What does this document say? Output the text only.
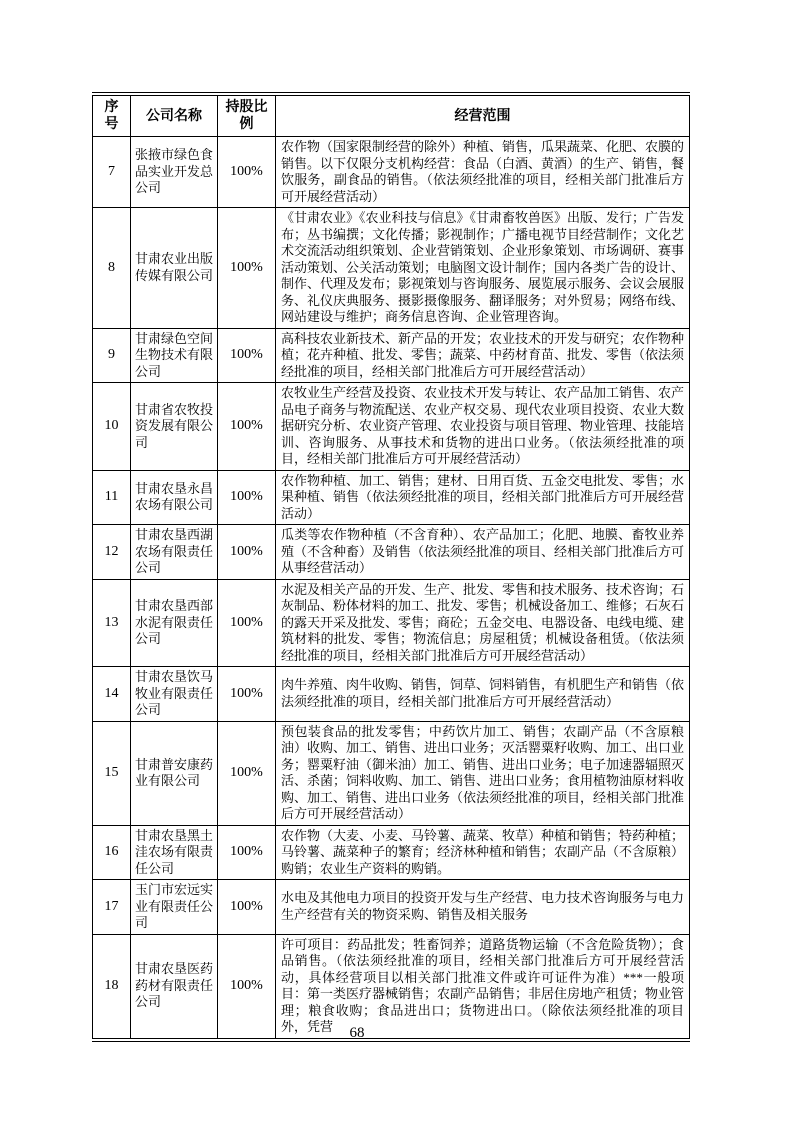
序号	公司名称	持股比例	经营范围
7	张掖市绿色食品实业开发总公司	100%	农作物（国家限制经营的除外）种植、销售，瓜果蔬菜、化肥、农膜的销售。以下仅限分支机构经营：食品（白酒、黄酒）的生产、销售，餐饮服务，副食品的销售。（依法须经批准的项目，经相关部门批准后方可开展经营活动）
8	甘肃农业出版传媒有限公司	100%	《甘肃农业》《农业科技与信息》《甘肃畜牧兽医》出版、发行；广告发布；丛书编撰；文化传播；影视制作；广播电视节目经营制作；文化艺术交流活动组织策划、企业营销策划、企业形象策划、市场调研、赛事活动策划、公关活动策划；电脑图文设计制作；国内各类广告的设计、制作、代理及发布；影视策划与咨询服务、展览展示服务、会议会展服务、礼仪庆典服务、摄影摄像服务、翻译服务；对外贸易；网络布线、网站建设与维护；商务信息咨询、企业管理咨询。
9	甘肃绿色空间生物技术有限公司	100%	高科技农业新技术、新产品的开发；农业技术的开发与研究；农作物种植；花卉种植、批发、零售；蔬菜、中药材育苗、批发、零售（依法须经批准的项目，经相关部门批准后方可开展经营活动）
10	甘肃省农牧投资发展有限公司	100%	农牧业生产经营及投资、农业技术开发与转让、农产品加工销售、农产品电子商务与物流配送、农业产权交易、现代农业项目投资、农业大数据研究分析、农业资产管理、农业投资与项目管理、物业管理、技能培训、咨询服务、从事技术和货物的进出口业务。（依法须经批准的项目，经相关部门批准后方可开展经营活动）
11	甘肃农垦永昌农场有限公司	100%	农作物种植、加工、销售；建材、日用百货、五金交电批发、零售；水果种植、销售（依法须经批准的项目，经相关部门批准后方可开展经营活动）
12	甘肃农垦西湖农场有限责任公司	100%	瓜类等农作物种植（不含育种）、农产品加工；化肥、地膜、畜牧业养殖（不含种畜）及销售（依法须经批准的项目、经相关部门批准后方可从事经营活动）
13	甘肃农垦西部水泥有限责任公司	100%	水泥及相关产品的开发、生产、批发、零售和技术服务、技术咨询；石灰制品、粉体材料的加工、批发、零售；机械设备加工、维修；石灰石的露天开采及批发、零售；商砼；五金交电、电器设备、电线电缆、建筑材料的批发、零售；物流信息；房屋租赁；机械设备租赁。（依法须经批准的项目，经相关部门批准后方可开展经营活动）
14	甘肃农垦饮马牧业有限责任公司	100%	肉牛养殖、肉牛收购、销售，饲草、饲料销售，有机肥生产和销售（依法须经批准的项目，经相关部门批准后方可开展经营活动）
15	甘肃普安康药业有限公司	100%	预包装食品的批发零售；中药饮片加工、销售；农副产品（不含原粮油）收购、加工、销售、进出口业务；灭活罂粟籽收购、加工、出口业务；罂粟籽油（御米油）加工、销售、进出口业务；电子加速器辐照灭活、杀菌；饲料收购、加工、销售、进出口业务；食用植物油原材料收购、加工、销售、进出口业务（依法须经批准的项目，经相关部门批准后方可开展经营活动）
16	甘肃农垦黑土洼农场有限责任公司	100%	农作物（大麦、小麦、马铃薯、蔬菜、牧草）种植和销售；特药种植；马铃薯、蔬菜种子的繁育；经济林种植和销售；农副产品（不含原粮）购销；农业生产资料的购销。
17	玉门市宏远实业有限责任公司	100%	水电及其他电力项目的投资开发与生产经营、电力技术咨询服务与电力生产经营有关的物资采购、销售及相关服务
18	甘肃农垦医药药材有限责任公司	100%	许可项目：药品批发；牲畜饲养；道路货物运输（不含危险货物）；食品销售。（依法须经批准的项目，经相关部门批准后方可开展经营活动，具体经营项目以相关部门批准文件或许可证件为准）***一般项目：第一类医疗器械销售；农副产品销售；非居住房地产租赁；物业管理；粮食收购；食品进出口；货物进出口。（除依法须经批准的项目外，凭营	68
